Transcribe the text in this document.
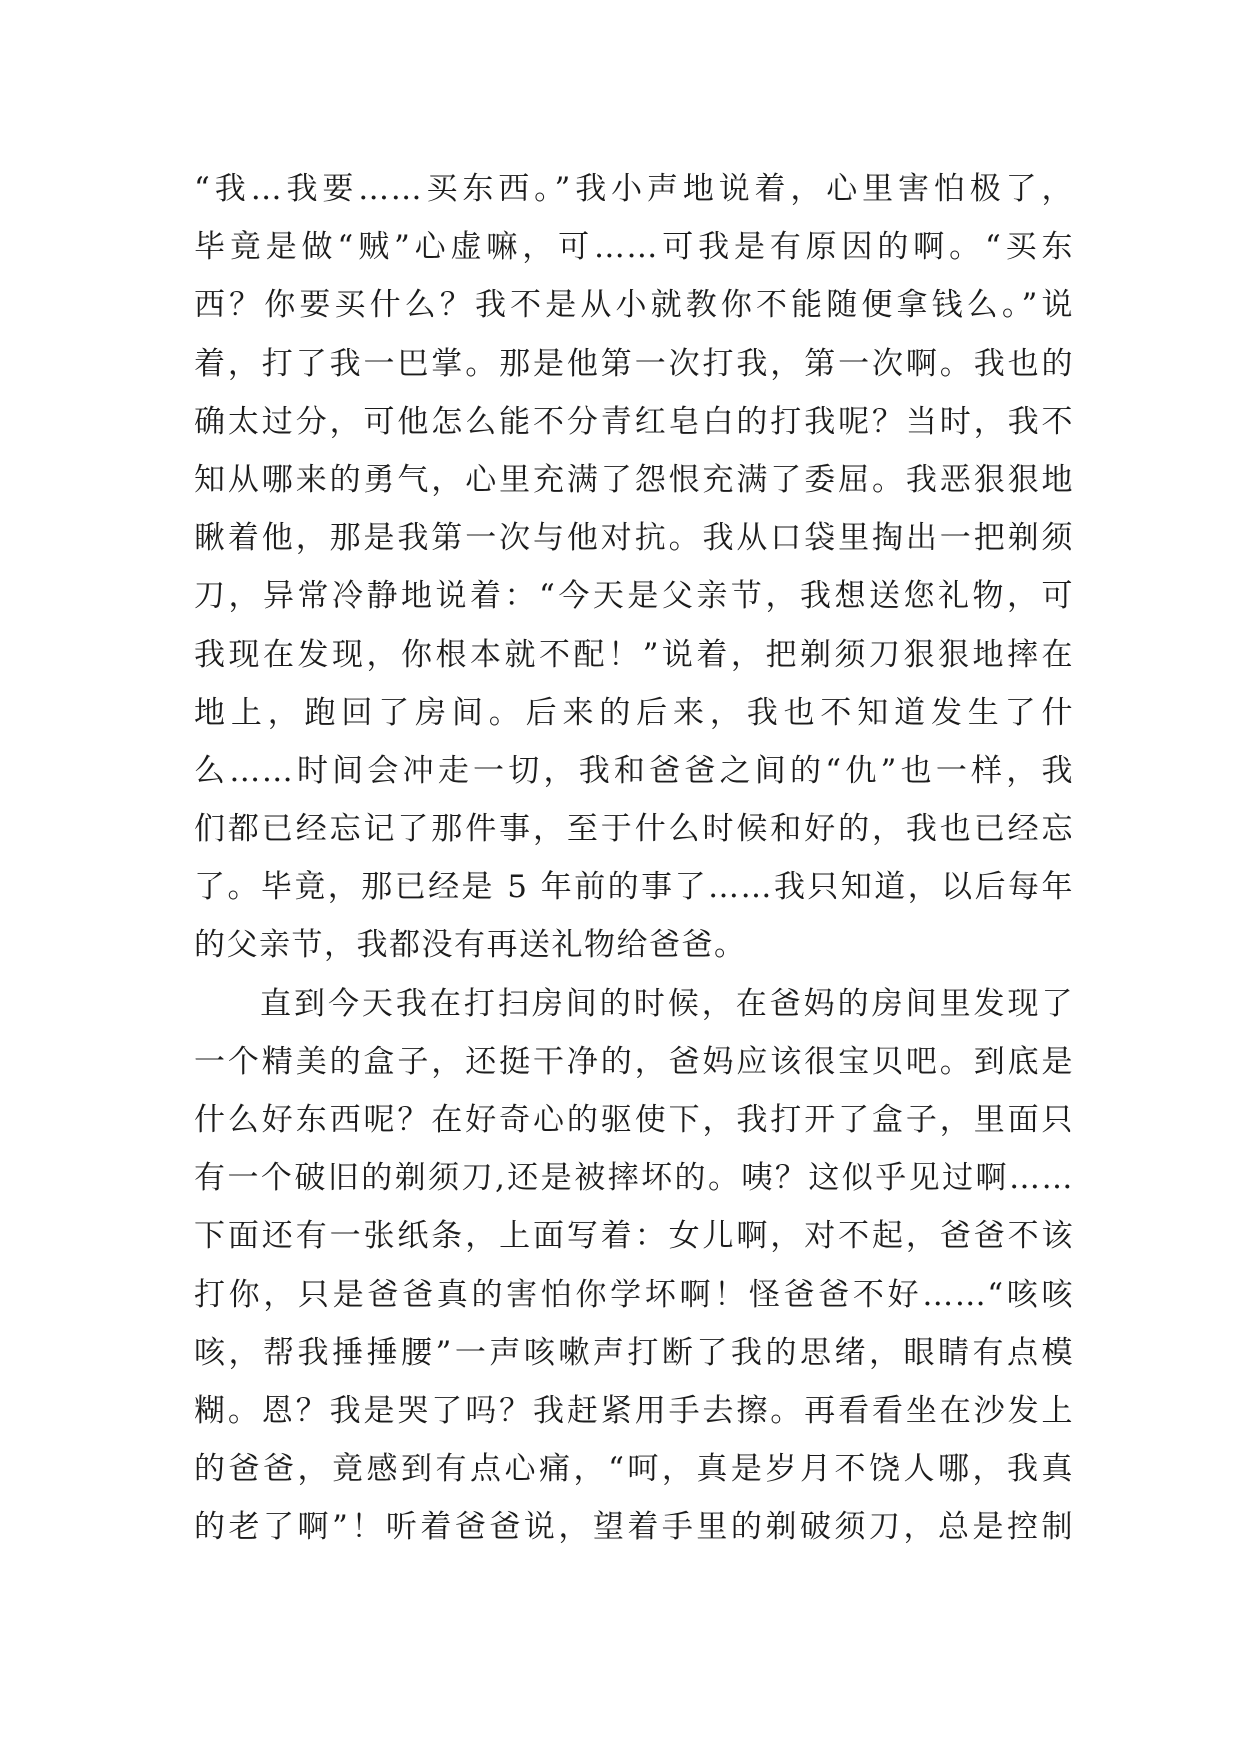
“我…我要……买东西。”我小声地说着，心里害怕极了，
毕竟是做“贼”心虚嘛，可……可我是有原因的啊。“买东
西？你要买什么？我不是从小就教你不能随便拿钱么。”说
着，打了我一巴掌。那是他第一次打我，第一次啊。我也的
确太过分，可他怎么能不分青红皂白的打我呢？当时，我不
知从哪来的勇气，心里充满了怨恨充满了委屈。我恶狠狠地
瞅着他，那是我第一次与他对抗。我从口袋里掏出一把剃须
刀，异常冷静地说着：“今天是父亲节，我想送您礼物，可
我现在发现，你根本就不配！”说着，把剃须刀狠狠地摔在
地上，跑回了房间。后来的后来，我也不知道发生了什
么……时间会冲走一切，我和爸爸之间的“仇”也一样，我
们都已经忘记了那件事，至于什么时候和好的，我也已经忘
了。毕竟，那已经是 5 年前的事了……我只知道，以后每年
的父亲节，我都没有再送礼物给爸爸。
直到今天我在打扫房间的时候，在爸妈的房间里发现了
一个精美的盒子，还挺干净的，爸妈应该很宝贝吧。到底是
什么好东西呢？在好奇心的驱使下，我打开了盒子，里面只
有一个破旧的剃须刀,还是被摔坏的。咦？这似乎见过啊……
下面还有一张纸条，上面写着：女儿啊，对不起，爸爸不该
打你，只是爸爸真的害怕你学坏啊！怪爸爸不好……“咳咳
咳，帮我捶捶腰”一声咳嗽声打断了我的思绪，眼睛有点模
糊。恩？我是哭了吗？我赶紧用手去擦。再看看坐在沙发上
的爸爸，竟感到有点心痛，“呵，真是岁月不饶人哪，我真
的老了啊”！听着爸爸说，望着手里的剃破须刀，总是控制
